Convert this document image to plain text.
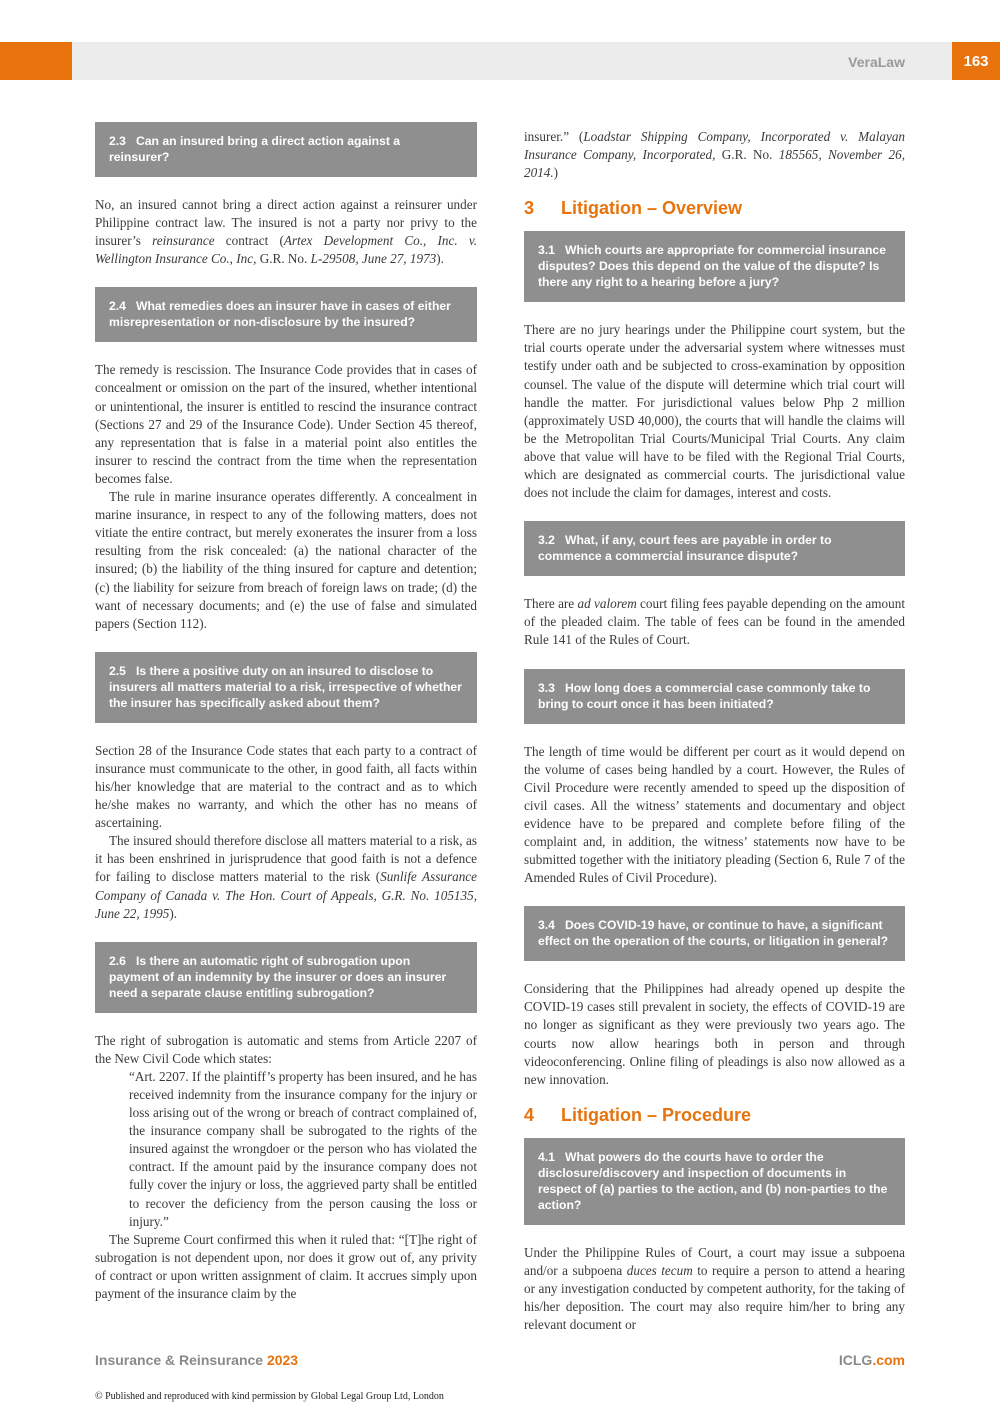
VeraLaw	163
2.3 Can an insured bring a direct action against a reinsurer?

No, an insured cannot bring a direct action against a reinsurer under Philippine contract law. The insured is not a party nor privy to the insurer’s reinsurance contract (Artex Development Co., Inc. v. Wellington Insurance Co., Inc, G.R. No. L-29508, June 27, 1973).

2.4 What remedies does an insurer have in cases of either misrepresentation or non-disclosure by the insured?

The remedy is rescission. The Insurance Code provides that in cases of concealment or omission on the part of the insured, whether intentional or unintentional, the insurer is entitled to rescind the insurance contract (Sections 27 and 29 of the Insurance Code). Under Section 45 thereof, any representation that is false in a material point also entitles the insurer to rescind the contract from the time when the representation becomes false.

The rule in marine insurance operates differently. A concealment in marine insurance, in respect to any of the following matters, does not vitiate the entire contract, but merely exonerates the insurer from a loss resulting from the risk concealed: (a) the national character of the insured; (b) the liability of the thing insured for capture and detention; (c) the liability for seizure from breach of foreign laws on trade; (d) the want of necessary documents; and (e) the use of false and simulated papers (Section 112).

2.5 Is there a positive duty on an insured to disclose to insurers all matters material to a risk, irrespective of whether the insurer has specifically asked about them?

Section 28 of the Insurance Code states that each party to a contract of insurance must communicate to the other, in good faith, all facts within his/her knowledge that are material to the contract and as to which he/she makes no warranty, and which the other has no means of ascertaining.

The insured should therefore disclose all matters material to a risk, as it has been enshrined in jurisprudence that good faith is not a defence for failing to disclose matters material to the risk (Sunlife Assurance Company of Canada v. The Hon. Court of Appeals, G.R. No. 105135, June 22, 1995).

2.6 Is there an automatic right of subrogation upon payment of an indemnity by the insurer or does an insurer need a separate clause entitling subrogation?

The right of subrogation is automatic and stems from Article 2207 of the New Civil Code which states:

“Art. 2207. If the plaintiff’s property has been insured, and he has received indemnity from the insurance company for the injury or loss arising out of the wrong or breach of contract complained of, the insurance company shall be subrogated to the rights of the insured against the wrongdoer or the person who has violated the contract. If the amount paid by the insurance company does not fully cover the injury or loss, the aggrieved party shall be entitled to recover the deficiency from the person causing the loss or injury.”

The Supreme Court confirmed this when it ruled that: “[T]he right of subrogation is not dependent upon, nor does it grow out of, any privity of contract or upon written assignment of claim. It accrues simply upon payment of the insurance claim by the

insurer.” (Loadstar Shipping Company, Incorporated v. Malayan Insurance Company, Incorporated, G.R. No. 185565, November 26, 2014.)

3 Litigation – Overview
3.1 Which courts are appropriate for commercial insurance disputes? Does this depend on the value of the dispute? Is there any right to a hearing before a jury?

There are no jury hearings under the Philippine court system, but the trial courts operate under the adversarial system where witnesses must testify under oath and be subjected to cross-examination by opposition counsel. The value of the dispute will determine which trial court will handle the matter. For jurisdictional values below Php 2 million (approximately USD 40,000), the courts that will handle the claims will be the Metropolitan Trial Courts/Municipal Trial Courts. Any claim above that value will have to be filed with the Regional Trial Courts, which are designated as commercial courts. The jurisdictional value does not include the claim for damages, interest and costs.

3.2 What, if any, court fees are payable in order to commence a commercial insurance dispute?

There are ad valorem court filing fees payable depending on the amount of the pleaded claim. The table of fees can be found in the amended Rule 141 of the Rules of Court.

3.3 How long does a commercial case commonly take to bring to court once it has been initiated?

The length of time would be different per court as it would depend on the volume of cases being handled by a court. However, the Rules of Civil Procedure were recently amended to speed up the disposition of civil cases. All the witness’ statements and documentary and object evidence have to be prepared and complete before filing of the complaint and, in addition, the witness’ statements now have to be submitted together with the initiatory pleading (Section 6, Rule 7 of the Amended Rules of Civil Procedure).

3.4 Does COVID-19 have, or continue to have, a significant effect on the operation of the courts, or litigation in general?

Considering that the Philippines had already opened up despite the COVID-19 cases still prevalent in society, the effects of COVID-19 are no longer as significant as they were previously two years ago. The courts now allow hearings both in person and through videoconferencing. Online filing of pleadings is also now allowed as a new innovation.

4 Litigation – Procedure
4.1 What powers do the courts have to order the disclosure/discovery and inspection of documents in respect of (a) parties to the action, and (b) non-parties to the action?

Under the Philippine Rules of Court, a court may issue a subpoena and/or a subpoena duces tecum to require a person to attend a hearing or any investigation conducted by competent authority, for the taking of his/her deposition. The court may also require him/her to bring any relevant document or

Insurance & Reinsurance 2023	ICLG.com
© Published and reproduced with kind permission by Global Legal Group Ltd, London
